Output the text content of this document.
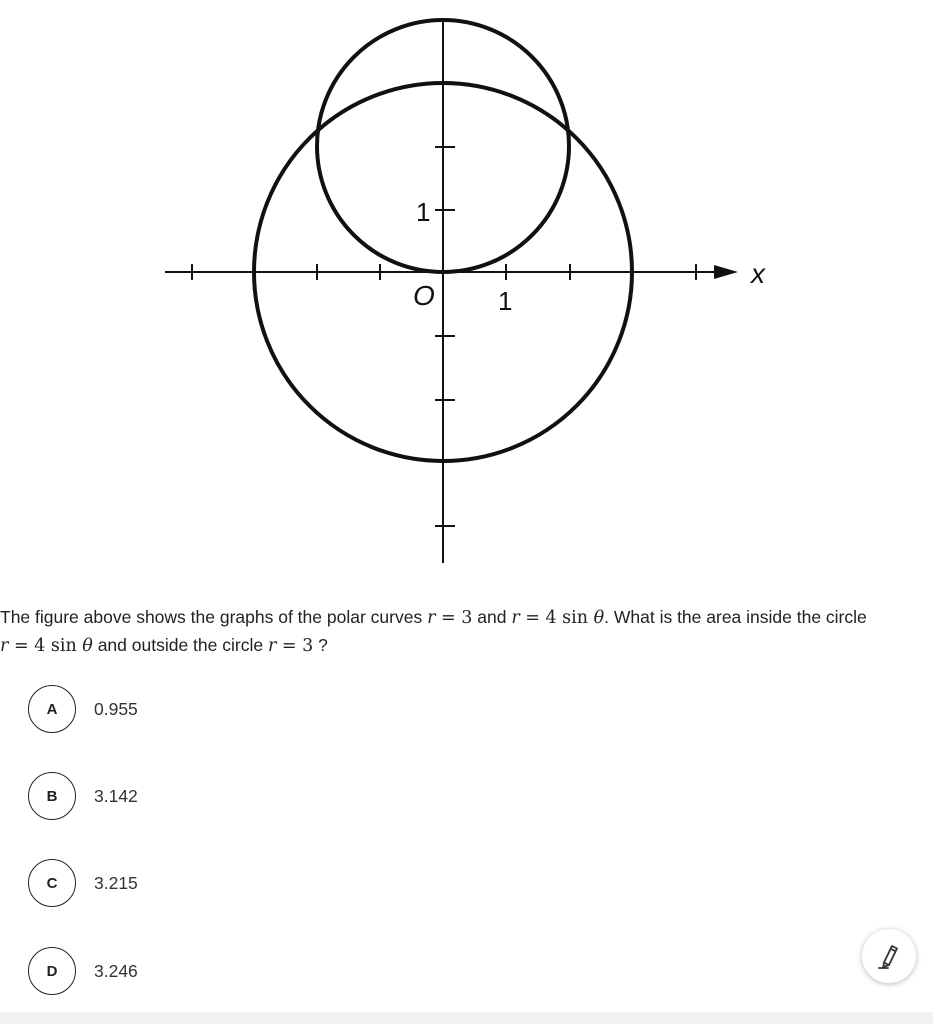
x
O 1
1
The figure above shows the graphs of the polar curves r = 3 and r = 4 sin θ. What is the area inside the circle
r = 4 sin θ and outside the circle r = 3 ?
A	0.955
B	3.142
C	3.215
D	3.246
